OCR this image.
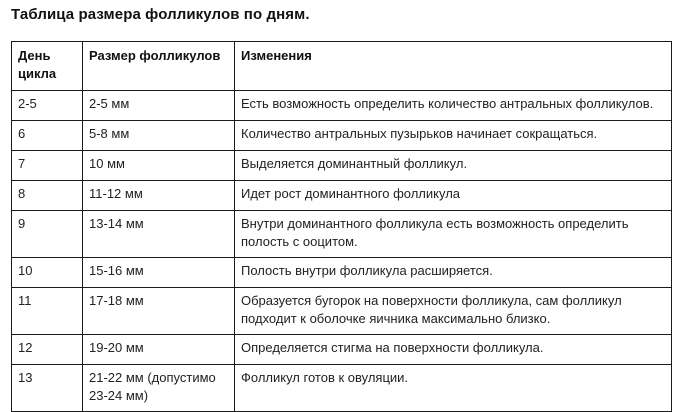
Таблица размера фолликулов по дням.
День цикла	Размер фолликулов	Изменения
2-5	2-5 мм	Есть возможность определить количество антральных фолликулов.
6	5-8 мм	Количество антральных пузырьков начинает сокращаться.
7	10 мм	Выделяется доминантный фолликул.
8	11-12 мм	Идет рост доминантного фолликула
9	13-14 мм	Внутри доминантного фолликула есть возможность определить полость с ооцитом.
10	15-16 мм	Полость внутри фолликула расширяется.
11	17-18 мм	Образуется бугорок на поверхности фолликула, сам фолликул подходит к оболочке яичника максимально близко.
12	19-20 мм	Определяется стигма на поверхности фолликула.
13	21-22 мм (допустимо 23-24 мм)	Фолликул готов к овуляции.
